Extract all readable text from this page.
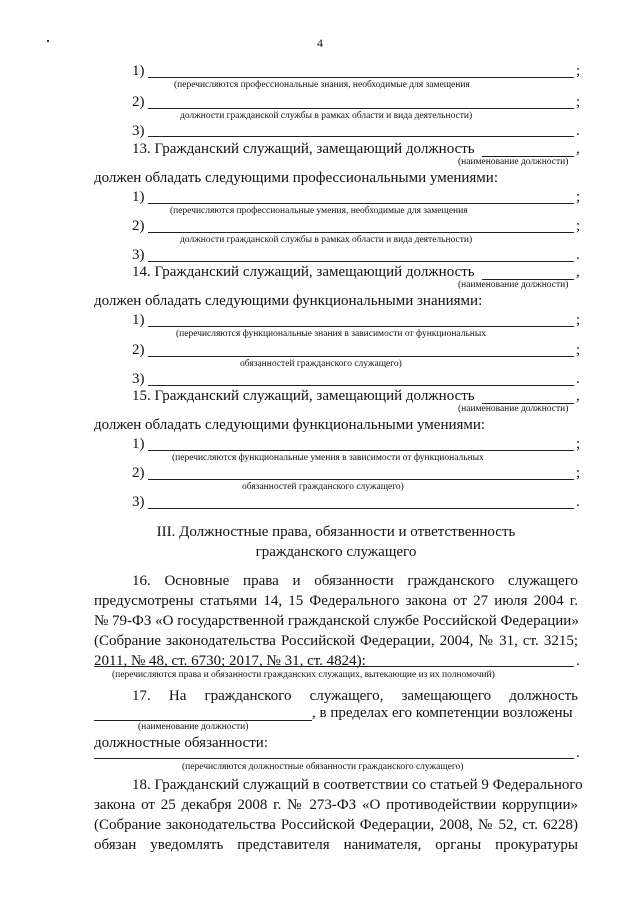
4
1)	;
(перечисляются профессиональные знания, необходимые для замещения
2)	;
должности гражданской службы в рамках области и вида деятельности)
3)	.
13. Гражданский служащий, замещающий должность	,
(наименование должности)
должен обладать следующими профессиональными умениями:
1)	;
(перечисляются профессиональные умения, необходимые для замещения
2)	;
должности гражданской службы в рамках области и вида деятельности)
3)	.
14. Гражданский служащий, замещающий должность	,
(наименование должности)
должен обладать следующими функциональными знаниями:
1)	;
(перечисляются функциональные знания в зависимости от функциональных
2)	;
обязанностей гражданского служащего)
3)	.
15. Гражданский служащий, замещающий должность	,
(наименование должности)
должен обладать следующими функциональными умениями:
1)	;
(перечисляются функциональные умения в зависимости от функциональных
2)	;
обязанностей гражданского служащего)
3)	.
III. Должностные права, обязанности и ответственность
гражданского служащего
16. Основные права и обязанности гражданского служащего
предусмотрены статьями 14, 15 Федерального закона от 27 июля 2004 г.
№ 79-ФЗ «О государственной гражданской службе Российской Федерации»
(Собрание законодательства Российской Федерации, 2004, № 31, ст. 3215;
2011, № 48, ст. 6730; 2017, № 31, ст. 4824):	.
(перечисляются права и обязанности гражданских служащих, вытекающие из их полномочий)
17. На гражданского служащего, замещающего должность
, в пределах его компетенции возложены
(наименование должности)
должностные обязанности:
.
(перечисляются должностные обязанности гражданского служащего)
18. Гражданский служащий в соответствии со статьей 9 Федерального
закона от 25 декабря 2008 г. № 273-ФЗ «О противодействии коррупции»
(Собрание законодательства Российской Федерации, 2008, № 52, ст. 6228)
обязан уведомлять представителя нанимателя, органы прокуратуры
